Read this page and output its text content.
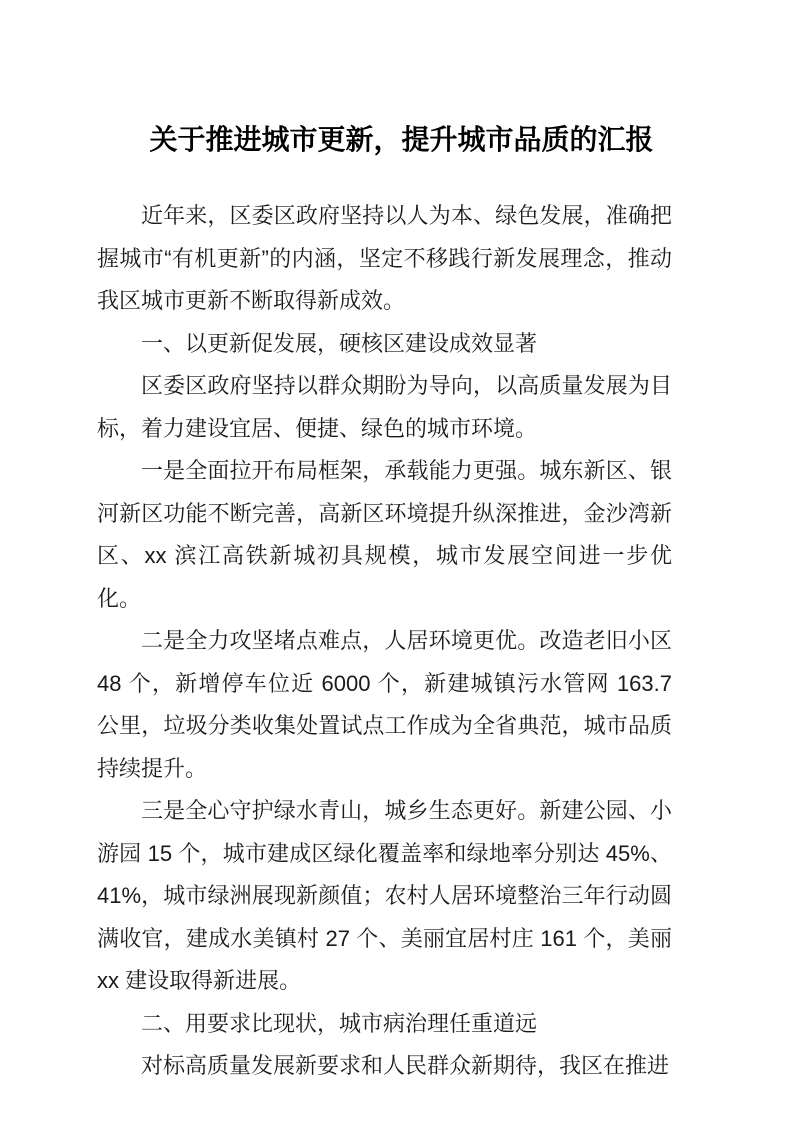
关于推进城市更新，提升城市品质的汇报

近年来，区委区政府坚持以人为本、绿色发展，准确把握城市“有机更新”的内涵，坚定不移践行新发展理念，推动我区城市更新不断取得新成效。

一、以更新促发展，硬核区建设成效显著

区委区政府坚持以群众期盼为导向，以高质量发展为目标，着力建设宜居、便捷、绿色的城市环境。

一是全面拉开布局框架，承载能力更强。城东新区、银河新区功能不断完善，高新区环境提升纵深推进，金沙湾新区、xx 滨江高铁新城初具规模，城市发展空间进一步优化。

二是全力攻坚堵点难点，人居环境更优。改造老旧小区 48 个，新增停车位近 6000 个，新建城镇污水管网 163.7 公里，垃圾分类收集处置试点工作成为全省典范，城市品质持续提升。

三是全心守护绿水青山，城乡生态更好。新建公园、小游园 15 个，城市建成区绿化覆盖率和绿地率分别达 45%、41%，城市绿洲展现新颜值；农村人居环境整治三年行动圆满收官，建成水美镇村 27 个、美丽宜居村庄 161 个，美丽 xx 建设取得新进展。

二、用要求比现状，城市病治理任重道远

对标高质量发展新要求和人民群众新期待，我区在推进
